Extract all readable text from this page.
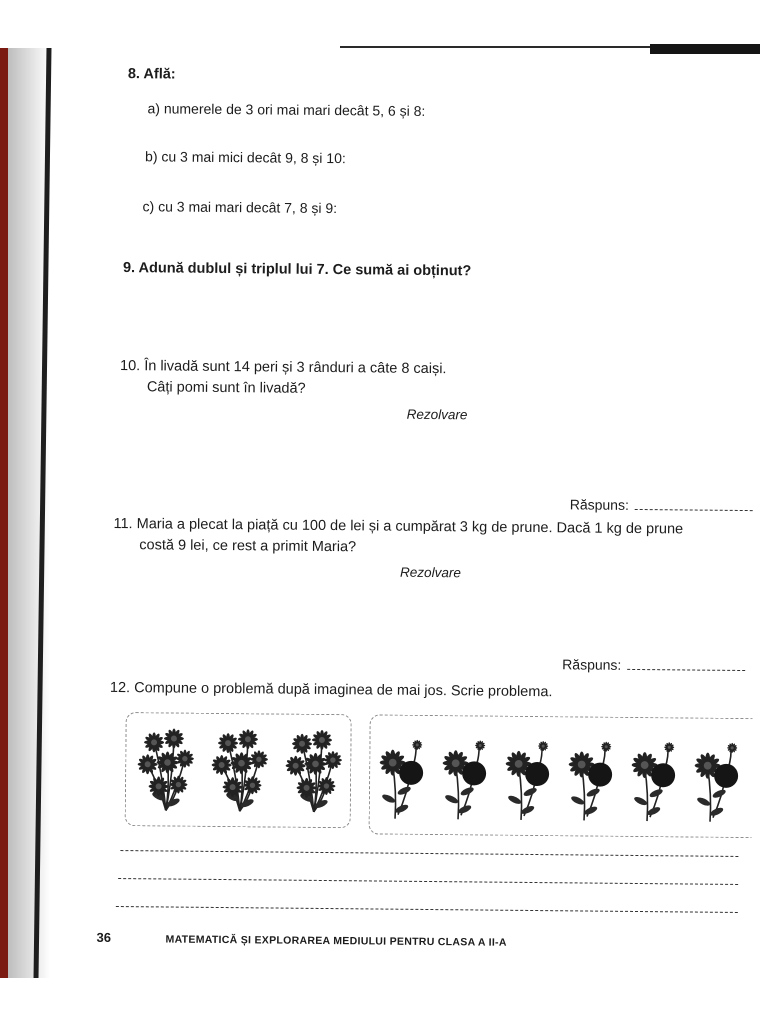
8. Află:
a) numerele de 3 ori mai mari decât 5, 6 și 8:
b) cu 3 mai mici decât 9, 8 și 10:
c) cu 3 mai mari decât 7, 8 și 9:
9. Adună dublul și triplul lui 7. Ce sumă ai obținut?
10. În livadă sunt 14 peri și 3 rânduri a câte 8 caiși.
Câți pomi sunt în livadă?
Rezolvare
Răspuns:
11. Maria a plecat la piață cu 100 de lei și a cumpărat 3 kg de prune. Dacă 1 kg de prune
costă 9 lei, ce rest a primit Maria?
Rezolvare
Răspuns:
12. Compune o problemă după imaginea de mai jos. Scrie problema.
36	MATEMATICĂ ȘI EXPLORAREA MEDIULUI PENTRU CLASA A II-A
